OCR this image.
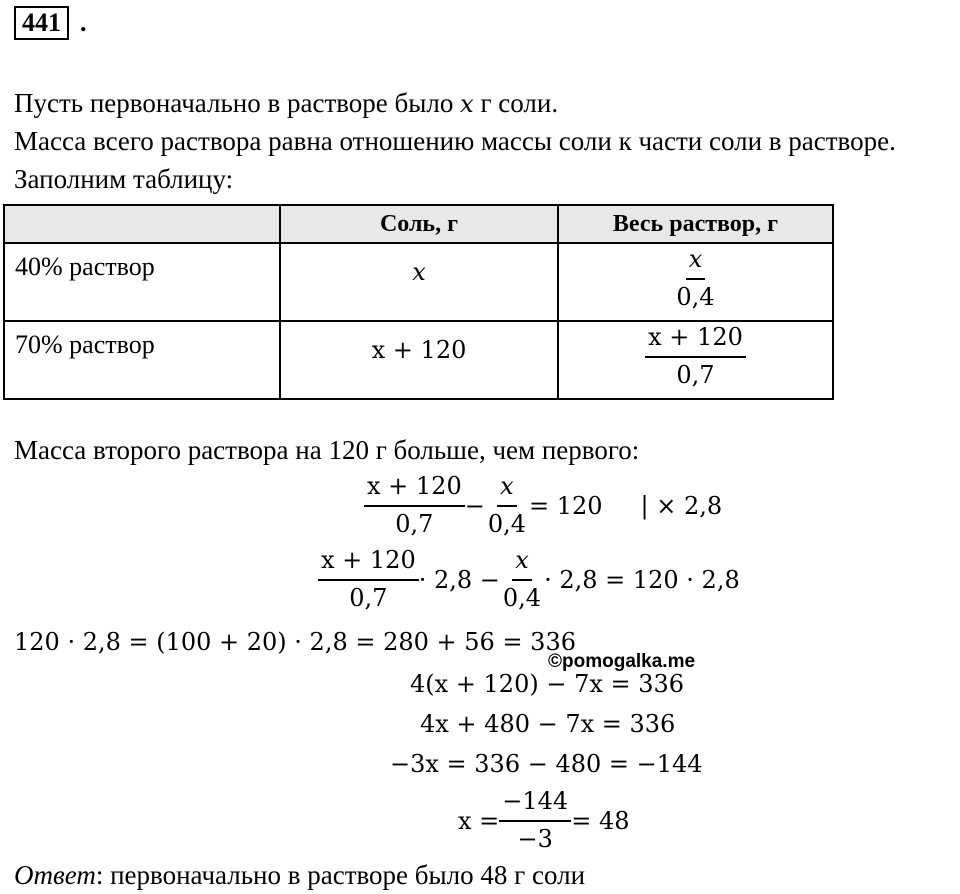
441 .
Пусть первоначально в растворе было x г соли.
Масса всего раствора равна отношению массы соли к части соли в растворе.
Заполним таблицу:
	Соль, г	Весь раствор, г
40% раствор	x	$\frac{x}{0,4}$

70% раствор	x + 120	$\frac{x + 120}{0,7}$
Масса второго раствора на 120 г больше, чем первого:
$\frac{x + 120}{0,7} - \frac{x}{0,4} = 120$ | × 2,8
$\frac{x + 120}{0,7} \cdot 2,8 - \frac{x}{0,4} \cdot 2,8 = 120 \cdot 2,8$
120 · 2,8 = (100 + 20) · 2,8 = 280 + 56 = 336
©pomogalka.me
4(x + 120) − 7x = 336
4x + 480 − 7x = 336
−3x = 336 − 480 = −144
$x = \frac{-144}{-3} = 48$
Ответ: первоначально в растворе было 48 г соли
